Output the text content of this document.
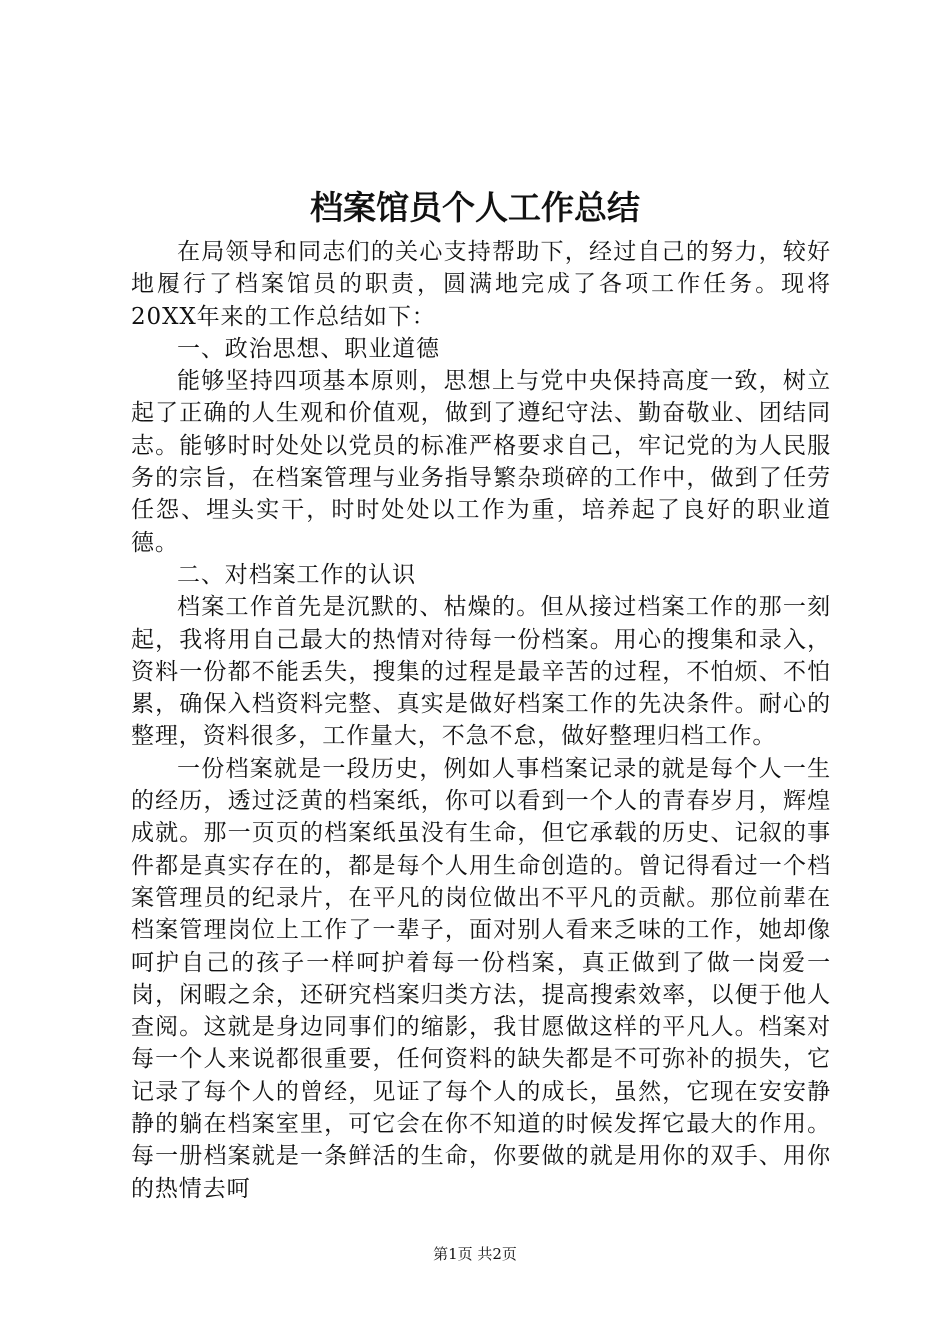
档案馆员个人工作总结

在局领导和同志们的关心支持帮助下，经过自己的努力，较好地履行了档案馆员的职责，圆满地完成了各项工作任务。现将20XX年来的工作总结如下：

一、政治思想、职业道德

能够坚持四项基本原则，思想上与党中央保持高度一致，树立起了正确的人生观和价值观，做到了遵纪守法、勤奋敬业、团结同志。能够时时处处以党员的标准严格要求自己，牢记党的为人民服务的宗旨，在档案管理与业务指导繁杂琐碎的工作中，做到了任劳任怨、埋头实干，时时处处以工作为重，培养起了良好的职业道德。

二、对档案工作的认识

档案工作首先是沉默的、枯燥的。但从接过档案工作的那一刻起，我将用自己最大的热情对待每一份档案。用心的搜集和录入，资料一份都不能丢失，搜集的过程是最辛苦的过程，不怕烦、不怕累，确保入档资料完整、真实是做好档案工作的先决条件。耐心的整理，资料很多，工作量大，不急不怠，做好整理归档工作。

一份档案就是一段历史，例如人事档案记录的就是每个人一生的经历，透过泛黄的档案纸，你可以看到一个人的青春岁月，辉煌成就。那一页页的档案纸虽没有生命，但它承载的历史、记叙的事件都是真实存在的，都是每个人用生命创造的。曾记得看过一个档案管理员的纪录片，在平凡的岗位做出不平凡的贡献。那位前辈在档案管理岗位上工作了一辈子，面对别人看来乏味的工作，她却像呵护自己的孩子一样呵护着每一份档案，真正做到了做一岗爱一岗，闲暇之余，还研究档案归类方法，提高搜索效率，以便于他人查阅。这就是身边同事们的缩影，我甘愿做这样的平凡人。档案对每一个人来说都很重要，任何资料的缺失都是不可弥补的损失，它记录了每个人的曾经，见证了每个人的成长，虽然，它现在安安静静的躺在档案室里，可它会在你不知道的时候发挥它最大的作用。每一册档案就是一条鲜活的生命，你要做的就是用你的双手、用你的热情去呵

第1页 共2页
